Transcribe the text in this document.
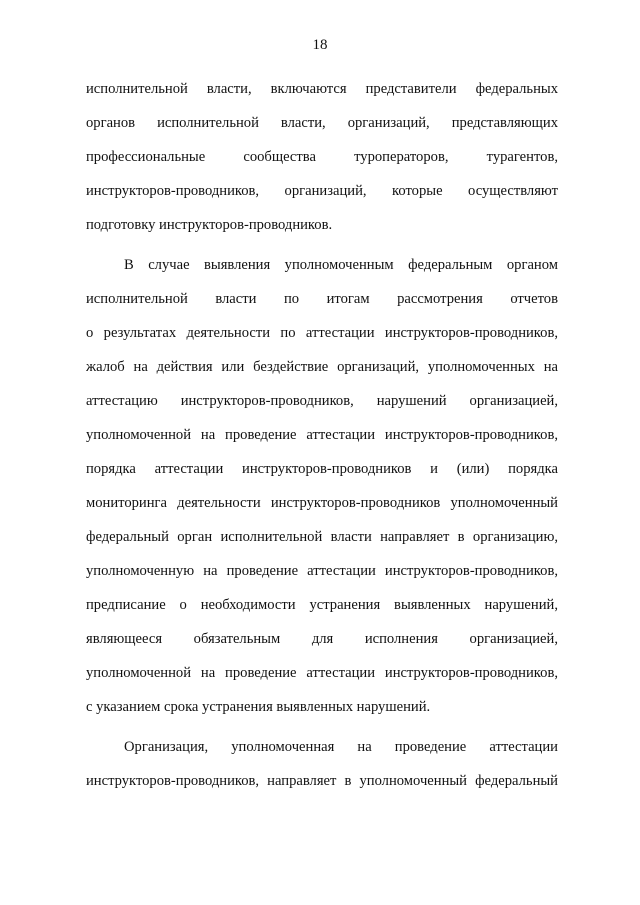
18
исполнительной власти, включаются представители федеральных
органов исполнительной власти, организаций, представляющих
профессиональные сообщества туроператоров, турагентов,
инструкторов-проводников, организаций, которые осуществляют
подготовку инструкторов-проводников.
В случае выявления уполномоченным федеральным органом
исполнительной власти по итогам рассмотрения отчетов
о результатах деятельности по аттестации инструкторов-проводников,
жалоб на действия или бездействие организаций, уполномоченных на
аттестацию инструкторов-проводников, нарушений организацией,
уполномоченной на проведение аттестации инструкторов-проводников,
порядка аттестации инструкторов-проводников и (или) порядка
мониторинга деятельности инструкторов-проводников уполномоченный
федеральный орган исполнительной власти направляет в организацию,
уполномоченную на проведение аттестации инструкторов-проводников,
предписание о необходимости устранения выявленных нарушений,
являющееся обязательным для исполнения организацией,
уполномоченной на проведение аттестации инструкторов-проводников,
с указанием срока устранения выявленных нарушений.
Организация, уполномоченная на проведение аттестации
инструкторов-проводников, направляет в уполномоченный федеральный
